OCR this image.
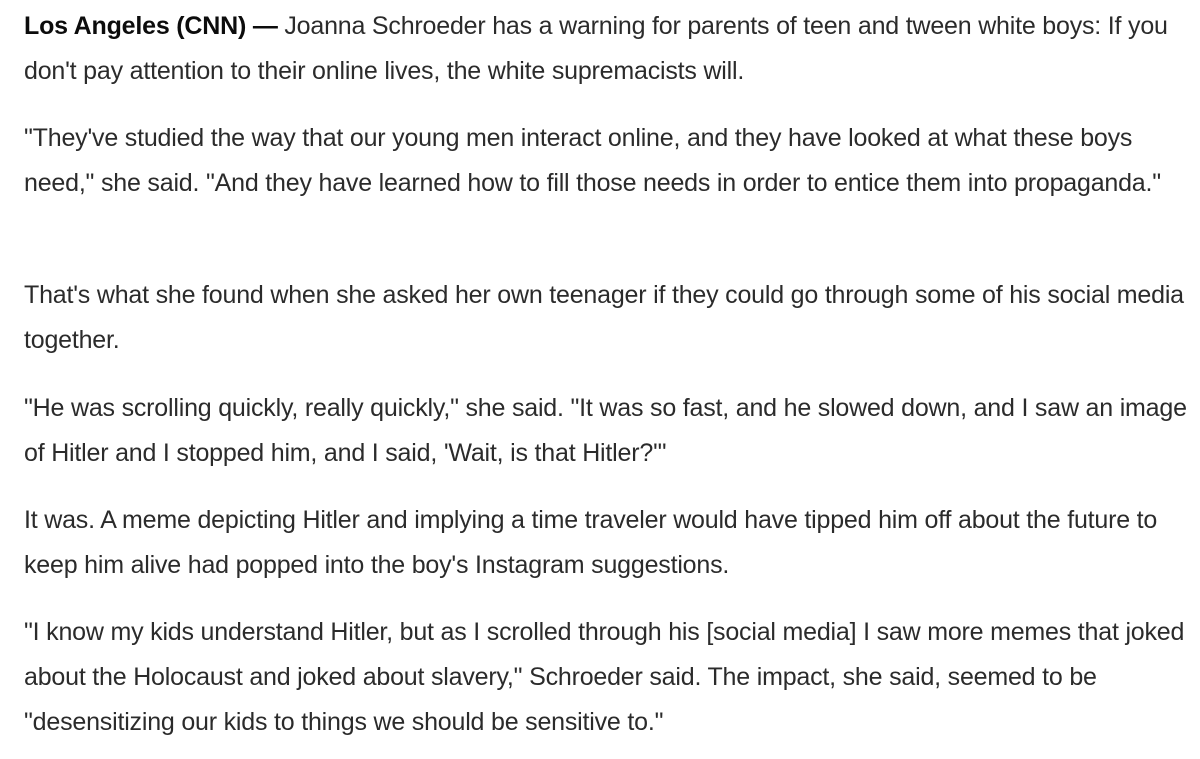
Los Angeles (CNN) — Joanna Schroeder has a warning for parents of teen and tween white boys: If you don't pay attention to their online lives, the white supremacists will.

"They've studied the way that our young men interact online, and they have looked at what these boys need," she said. "And they have learned how to fill those needs in order to entice them into propaganda."

That's what she found when she asked her own teenager if they could go through some of his social media together.

"He was scrolling quickly, really quickly," she said. "It was so fast, and he slowed down, and I saw an image of Hitler and I stopped him, and I said, 'Wait, is that Hitler?'"

It was. A meme depicting Hitler and implying a time traveler would have tipped him off about the future to keep him alive had popped into the boy's Instagram suggestions.

"I know my kids understand Hitler, but as I scrolled through his [social media] I saw more memes that joked about the Holocaust and joked about slavery," Schroeder said. The impact, she said, seemed to be "desensitizing our kids to things we should be sensitive to."
